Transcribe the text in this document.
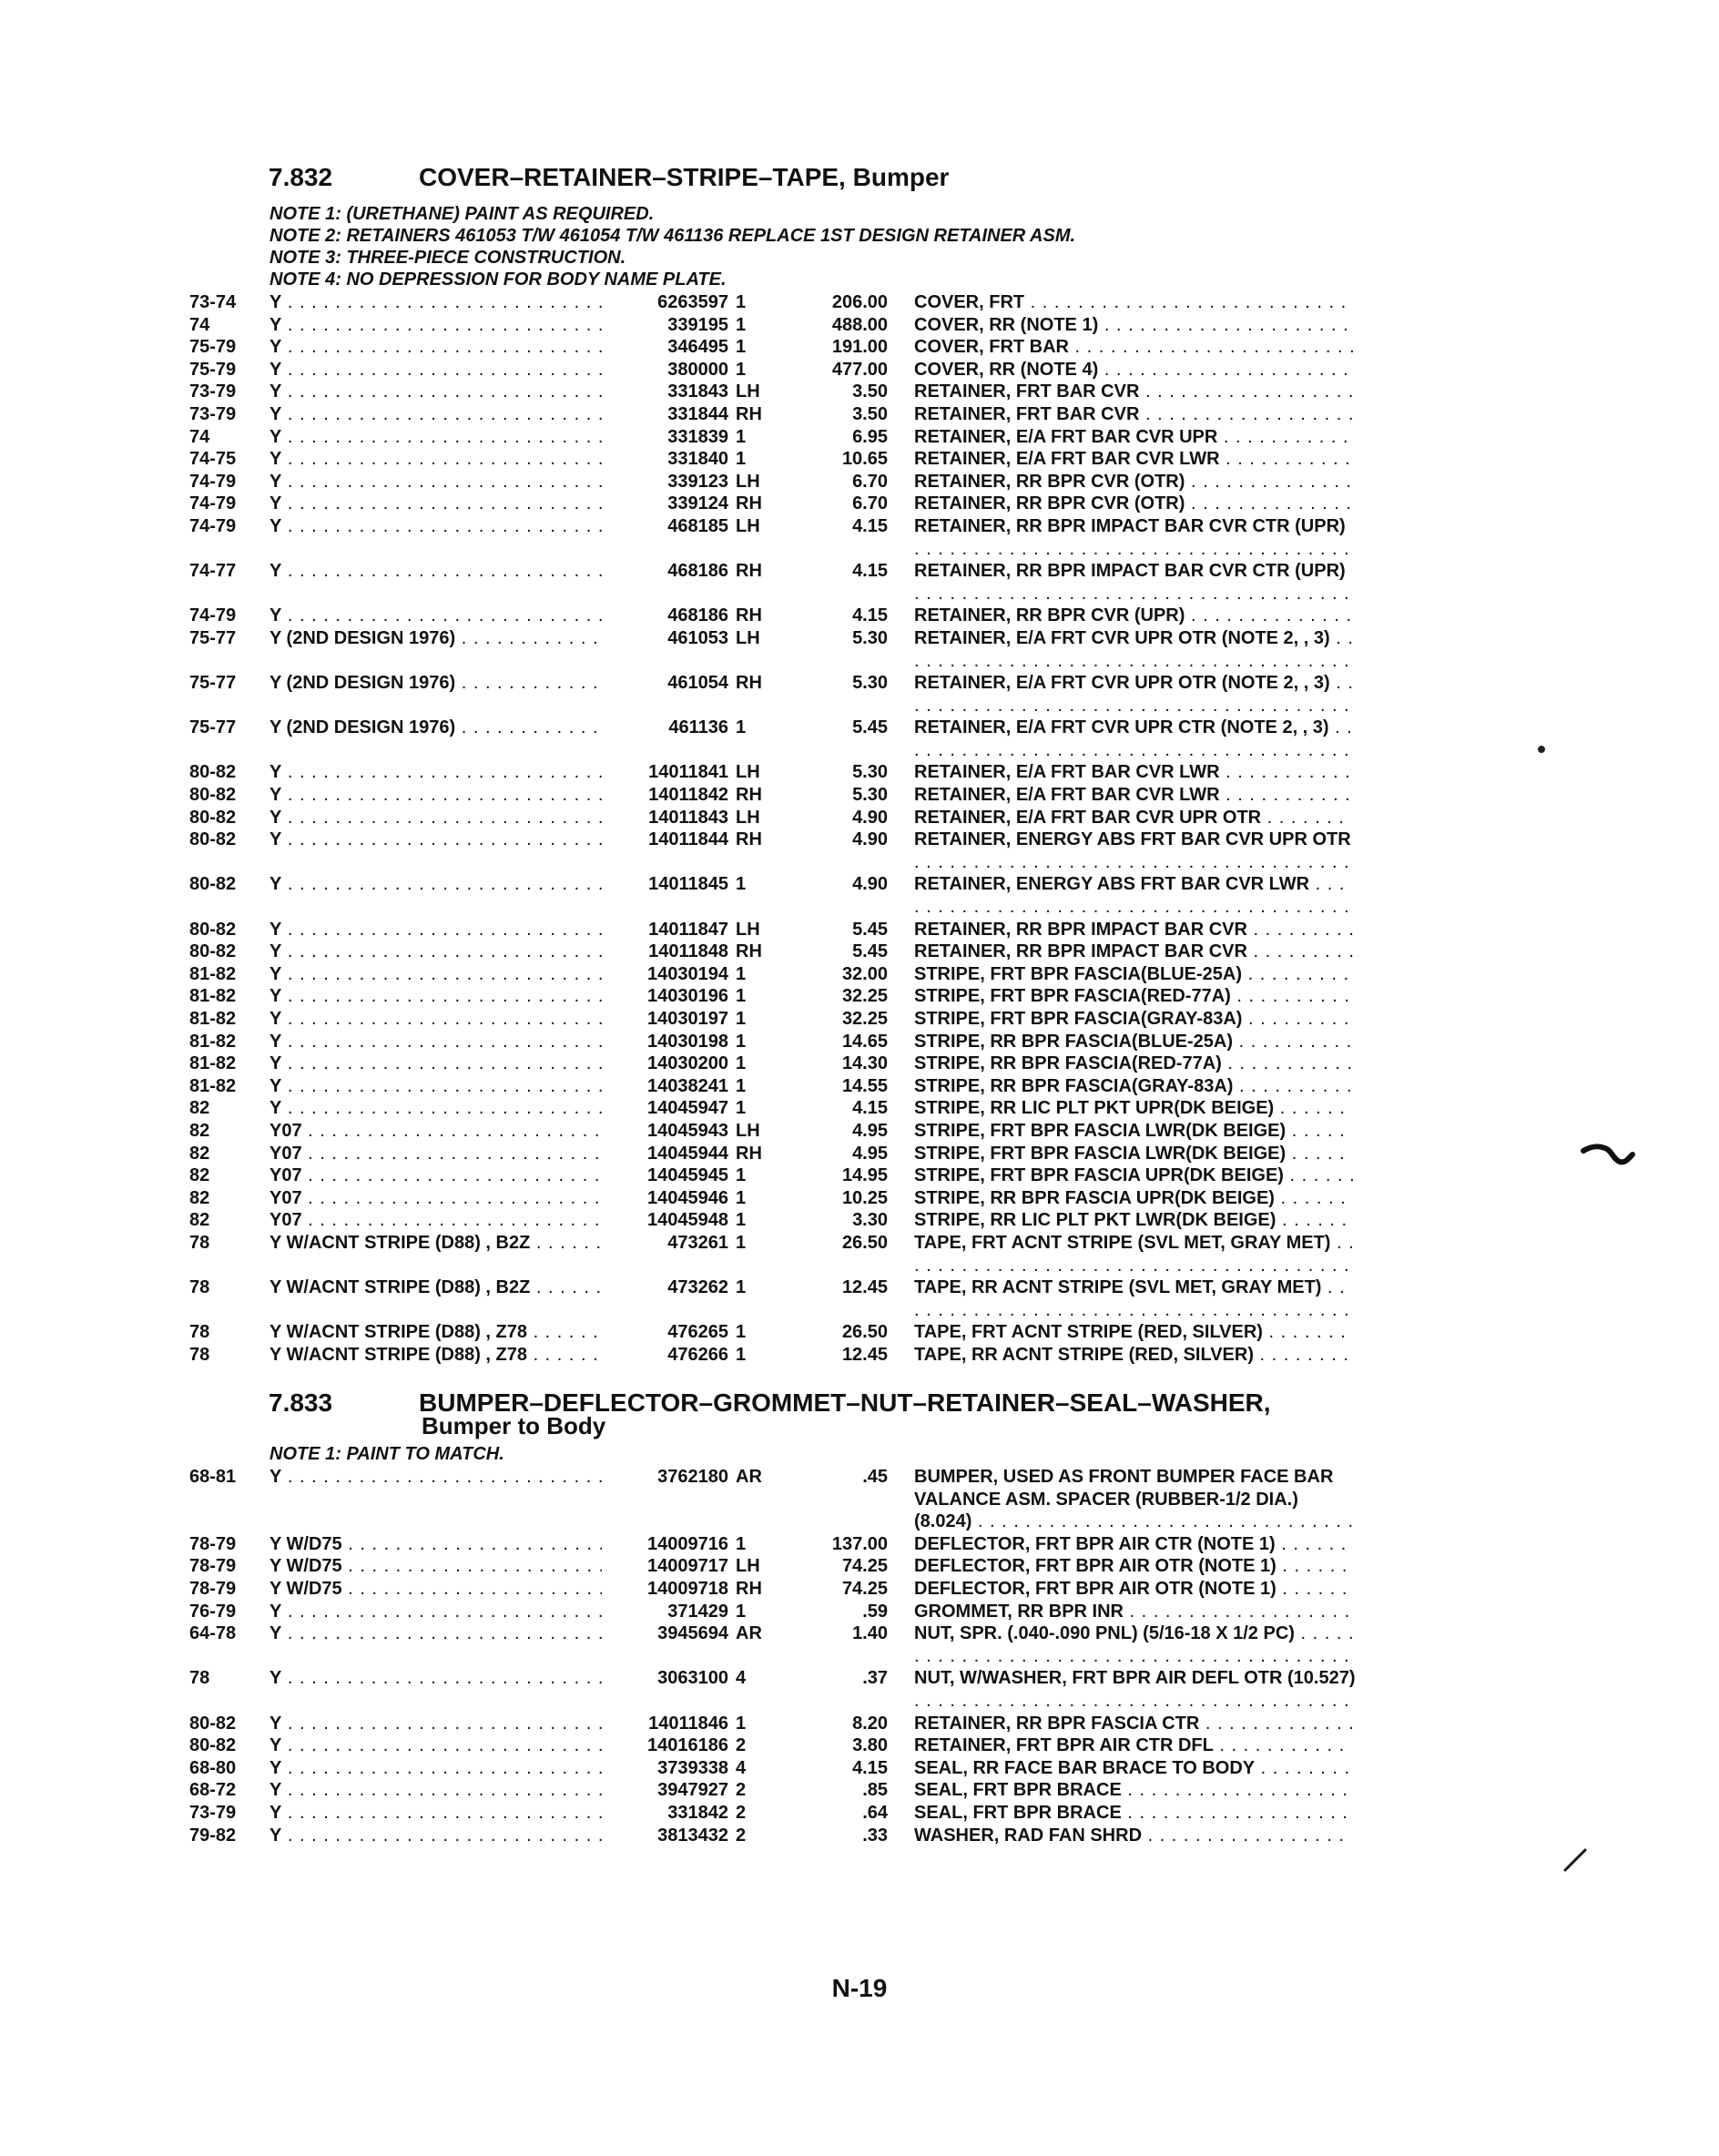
7.832	COVER–RETAINER–STRIPE–TAPE, Bumper
NOTE 1: (URETHANE) PAINT AS REQUIRED.
NOTE 2: RETAINERS 461053 T/W 461054 T/W 461136 REPLACE 1ST DESIGN RETAINER ASM.
NOTE 3: THREE-PIECE CONSTRUCTION.
NOTE 4: NO DEPRESSION FOR BODY NAME PLATE.
73-74	Y . . .	6263597 1	206.00 COVER, FRT . . .
74	Y . . .	339195 1	488.00 COVER, RR (NOTE 1) . . .
75-79	Y . . .	346495 1	191.00 COVER, FRT BAR . . .
75-79	Y . . .	380000 1	477.00 COVER, RR (NOTE 4) . . .
73-79	Y . . .	331843 LH	3.50 RETAINER, FRT BAR CVR . . .
73-79	Y . . .	331844 RH	3.50 RETAINER, FRT BAR CVR . . .
74	Y . . .	331839 1	6.95 RETAINER, E/A FRT BAR CVR UPR . . .
74-75	Y . . .	331840 1	10.65 RETAINER, E/A FRT BAR CVR LWR . . .
74-79	Y . . .	339123 LH	6.70 RETAINER, RR BPR CVR (OTR) . . .
74-79	Y . . .	339124 RH	6.70 RETAINER, RR BPR CVR (OTR) . . .
74-79	Y . . .	468185 LH	4.15 RETAINER, RR BPR IMPACT BAR CVR CTR (UPR) . . .
74-77	Y . . .	468186 RH	4.15 RETAINER, RR BPR IMPACT BAR CVR CTR (UPR) . . .
74-79	Y . . .	468186 RH	4.15 RETAINER, RR BPR CVR (UPR) . . .
75-77	Y (2ND DESIGN 1976) . . .	461053 LH	5.30 RETAINER, E/A FRT CVR UPR OTR (NOTE 2, , 3) . . .
75-77	Y (2ND DESIGN 1976) . . .	461054 RH	5.30 RETAINER, E/A FRT CVR UPR OTR (NOTE 2, , 3) . . .
75-77	Y (2ND DESIGN 1976) . . .	461136 1	5.45 RETAINER, E/A FRT CVR UPR CTR (NOTE 2, , 3) . . .
80-82	Y . . .	14011841 LH	5.30 RETAINER, E/A FRT BAR CVR LWR . . .
80-82	Y . . .	14011842 RH	5.30 RETAINER, E/A FRT BAR CVR LWR . . .
80-82	Y . . .	14011843 LH	4.90 RETAINER, E/A FRT BAR CVR UPR OTR . . .
80-82	Y . . .	14011844 RH	4.90 RETAINER, ENERGY ABS FRT BAR CVR UPR OTR . . .
80-82	Y . . .	14011845 1	4.90 RETAINER, ENERGY ABS FRT BAR CVR LWR . . .
80-82	Y . . .	14011847 LH	5.45 RETAINER, RR BPR IMPACT BAR CVR . . .
80-82	Y . . .	14011848 RH	5.45 RETAINER, RR BPR IMPACT BAR CVR . . .
81-82	Y . . .	14030194 1	32.00 STRIPE, FRT BPR FASCIA(BLUE-25A) . . .
81-82	Y . . .	14030196 1	32.25 STRIPE, FRT BPR FASCIA(RED-77A) . . .
81-82	Y . . .	14030197 1	32.25 STRIPE, FRT BPR FASCIA(GRAY-83A) . . .
81-82	Y . . .	14030198 1	14.65 STRIPE, RR BPR FASCIA(BLUE-25A) . . .
81-82	Y . . .	14030200 1	14.30 STRIPE, RR BPR FASCIA(RED-77A) . . .
81-82	Y . . .	14038241 1	14.55 STRIPE, RR BPR FASCIA(GRAY-83A) . . .
82	Y . . .	14045947 1	4.15 STRIPE, RR LIC PLT PKT UPR(DK BEIGE) . . .
82	Y07 . . .	14045943 LH	4.95 STRIPE, FRT BPR FASCIA LWR(DK BEIGE) . . .
82	Y07 . . .	14045944 RH	4.95 STRIPE, FRT BPR FASCIA LWR(DK BEIGE) . . .
82	Y07 . . .	14045945 1	14.95 STRIPE, FRT BPR FASCIA UPR(DK BEIGE) . . .
82	Y07 . . .	14045946 1	10.25 STRIPE, RR BPR FASCIA UPR(DK BEIGE) . . .
82	Y07 . . .	14045948 1	3.30 STRIPE, RR LIC PLT PKT LWR(DK BEIGE) . . .
78	Y W/ACNT STRIPE (D88) , B2Z . . .	473261 1	26.50 TAPE, FRT ACNT STRIPE (SVL MET, GRAY MET) . . .
78	Y W/ACNT STRIPE (D88) , B2Z . . .	473262 1	12.45 TAPE, RR ACNT STRIPE (SVL MET, GRAY MET) . . .
78	Y W/ACNT STRIPE (D88) , Z78 . . .	476265 1	26.50 TAPE, FRT ACNT STRIPE (RED, SILVER) . . .
78	Y W/ACNT STRIPE (D88) , Z78 . . .	476266 1	12.45 TAPE, RR ACNT STRIPE (RED, SILVER) . . .
7.833	BUMPER–DEFLECTOR–GROMMET–NUT–RETAINER–SEAL–WASHER,
Bumper to Body
NOTE 1: PAINT TO MATCH.
68-81	Y . . .	3762180 AR	.45 BUMPER, USED AS FRONT BUMPER FACE BAR VALANCE ASM. SPACER (RUBBER-1/2 DIA.) (8.024) . . .
78-79	Y W/D75 . . .	14009716 1	137.00 DEFLECTOR, FRT BPR AIR CTR (NOTE 1) . . .
78-79	Y W/D75 . . .	14009717 LH	74.25 DEFLECTOR, FRT BPR AIR OTR (NOTE 1) . . .
78-79	Y W/D75 . . .	14009718 RH	74.25 DEFLECTOR, FRT BPR AIR OTR (NOTE 1) . . .
76-79	Y . . .	371429 1	.59 GROMMET, RR BPR INR . . .
64-78	Y . . .	3945694 AR	1.40 NUT, SPR. (.040-.090 PNL) (5/16-18 X 1/2 PC) . . .
78	Y . . .	3063100 4	.37 NUT, W/WASHER, FRT BPR AIR DEFL OTR (10.527) . . .
80-82	Y . . .	14011846 1	8.20 RETAINER, RR BPR FASCIA CTR . . .
80-82	Y . . .	14016186 2	3.80 RETAINER, FRT BPR AIR CTR DFL . . .
68-80	Y . . .	3739338 4	4.15 SEAL, RR FACE BAR BRACE TO BODY . . .
68-72	Y . . .	3947927 2	.85 SEAL, FRT BPR BRACE . . .
73-79	Y . . .	331842 2	.64 SEAL, FRT BPR BRACE . . .
79-82	Y . . .	3813432 2	.33 WASHER, RAD FAN SHRD . . .
N-19
